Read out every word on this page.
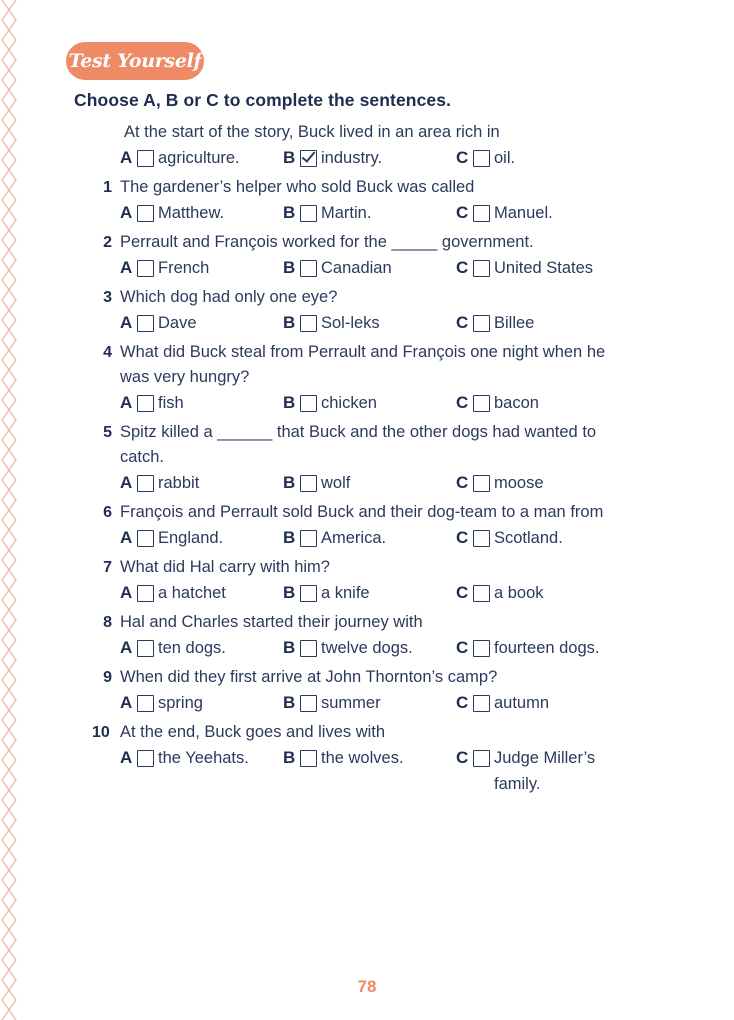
Test Yourself
Choose A, B or C to complete the sentences.
At the start of the story, Buck lived in an area rich in
A agriculture.	B industry.	C oil.
1 The gardener’s helper who sold Buck was called
A Matthew.	B Martin.	C Manuel.
2 Perrault and François worked for the _____ government.
A French	B Canadian	C United States
3 Which dog had only one eye?
A Dave	B Sol-leks	C Billee
4 What did Buck steal from Perrault and François one night when he was very hungry?
A fish	B chicken	C bacon
5 Spitz killed a ______ that Buck and the other dogs had wanted to catch.
A rabbit	B wolf	C moose
6 François and Perrault sold Buck and their dog-team to a man from
A England.	B America.	C Scotland.
7 What did Hal carry with him?
A a hatchet	B a knife	C a book
8 Hal and Charles started their journey with
A ten dogs.	B twelve dogs.	C fourteen dogs.
9 When did they first arrive at John Thornton’s camp?
A spring	B summer	C autumn
10 At the end, Buck goes and lives with
A the Yeehats. B the wolves.	C Judge Miller’s family.
78
